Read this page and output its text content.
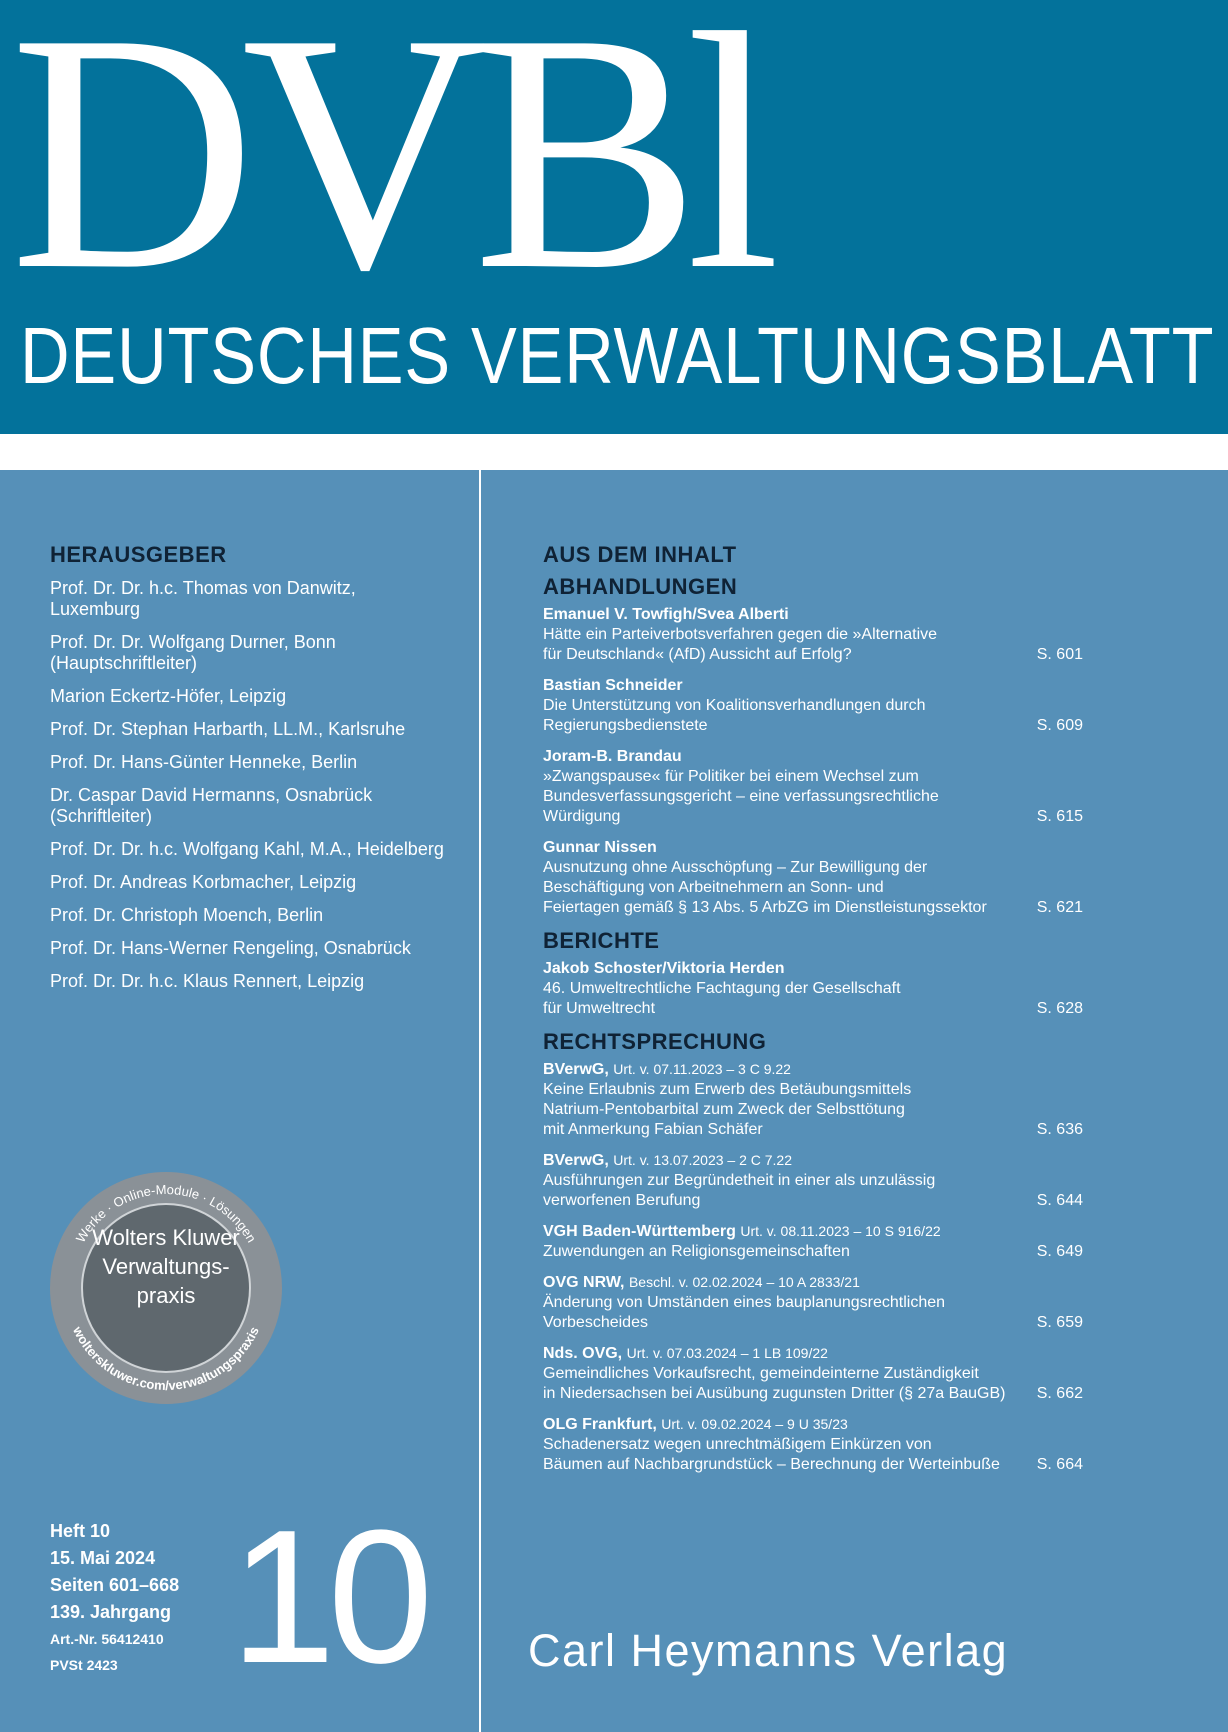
DVBl
DEUTSCHES VERWALTUNGSBLATT
HERAUSGEBER
Prof. Dr. Dr. h.c. Thomas von Danwitz,
Luxemburg
Prof. Dr. Dr. Wolfgang Durner, Bonn
(Hauptschriftleiter)
Marion Eckertz-Höfer, Leipzig
Prof. Dr. Stephan Harbarth, LL.M., Karlsruhe
Prof. Dr. Hans-Günter Henneke, Berlin
Dr. Caspar David Hermanns, Osnabrück
(Schriftleiter)
Prof. Dr. Dr. h.c. Wolfgang Kahl, M.A., Heidelberg
Prof. Dr. Andreas Korbmacher, Leipzig
Prof. Dr. Christoph Moench, Berlin
Prof. Dr. Hans-Werner Rengeling, Osnabrück
Prof. Dr. Dr. h.c. Klaus Rennert, Leipzig
Werke · Online-Module · Lösungen
wolterskluwer.com/verwaltungspraxis
Wolters Kluwer
Verwaltungs-
praxis
Heft 10
15. Mai 2024
Seiten 601–668
139. Jahrgang
Art.-Nr. 56412410
PVSt 2423 10
AUS DEM INHALT
ABHANDLUNGEN
Emanuel V. Towfigh/Svea Alberti
Hätte ein Parteiverbotsverfahren gegen die »Alternative
für Deutschland« (AfD) Aussicht auf Erfolg?	S. 601
Bastian Schneider
Die Unterstützung von Koalitionsverhandlungen durch
Regierungsbedienstete	S. 609
Joram-B. Brandau
»Zwangspause« für Politiker bei einem Wechsel zum
Bundesverfassungsgericht – eine verfassungsrechtliche
Würdigung	S. 615
Gunnar Nissen
Ausnutzung ohne Ausschöpfung – Zur Bewilligung der
Beschäftigung von Arbeitnehmern an Sonn- und
Feiertagen gemäß § 13 Abs. 5 ArbZG im Dienstleistungssektor	S. 621
BERICHTE
Jakob Schoster/Viktoria Herden
46. Umweltrechtliche Fachtagung der Gesellschaft
für Umweltrecht	S. 628
RECHTSPRECHUNG
BVerwG, Urt. v. 07.11.2023 – 3 C 9.22
Keine Erlaubnis zum Erwerb des Betäubungsmittels
Natrium-Pentobarbital zum Zweck der Selbsttötung
mit Anmerkung Fabian Schäfer	S. 636
BVerwG, Urt. v. 13.07.2023 – 2 C 7.22
Ausführungen zur Begründetheit in einer als unzulässig
verworfenen Berufung	S. 644
VGH Baden-Württemberg Urt. v. 08.11.2023 – 10 S 916/22
Zuwendungen an Religionsgemeinschaften	S. 649
OVG NRW, Beschl. v. 02.02.2024 – 10 A 2833/21
Änderung von Umständen eines bauplanungsrechtlichen
Vorbescheides	S. 659
Nds. OVG, Urt. v. 07.03.2024 – 1 LB 109/22
Gemeindliches Vorkaufsrecht, gemeindeinterne Zuständigkeit
in Niedersachsen bei Ausübung zugunsten Dritter (§ 27a BauGB)	S. 662
OLG Frankfurt, Urt. v. 09.02.2024 – 9 U 35/23
Schadenersatz wegen unrechtmäßigem Einkürzen von
Bäumen auf Nachbargrundstück – Berechnung der Werteinbuße	S. 664
Carl Heymanns Verlag
